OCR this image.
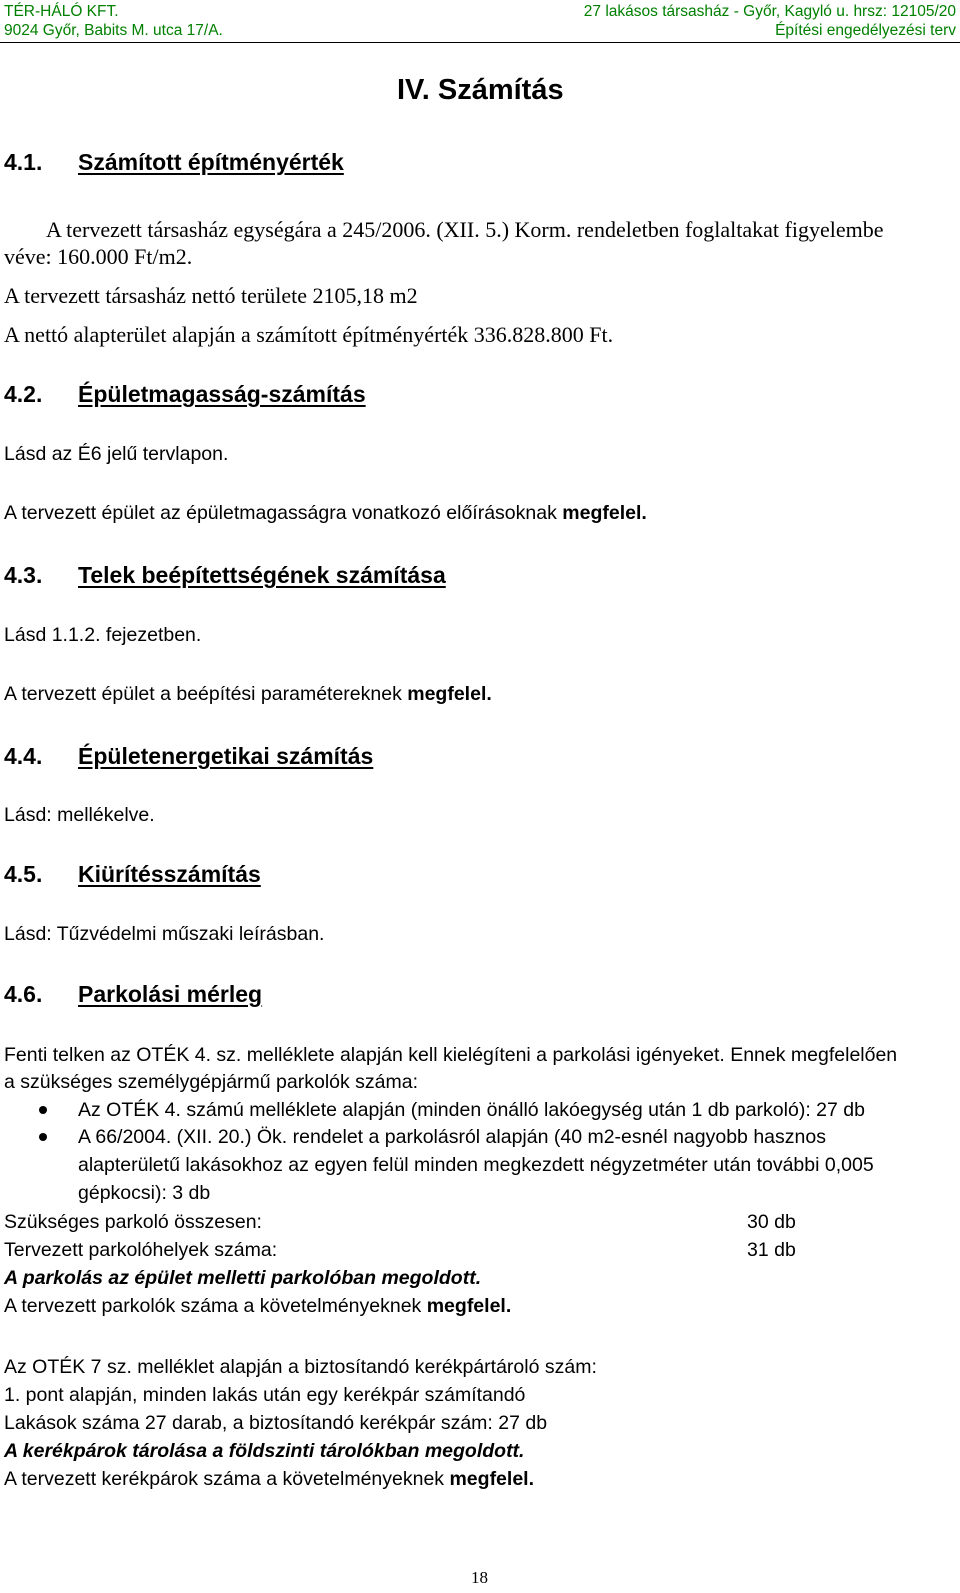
TÉR-HÁLÓ KFT.
9024 Győr, Babits M. utca 17/A.
27 lakásos társasház - Győr, Kagyló u. hrsz: 12105/20
Építési engedélyezési terv
IV. Számítás
4.1. Számított építményérték
A tervezett társasház egységára a 245/2006. (XII. 5.) Korm. rendeletben foglaltakat figyelembe
véve: 160.000 Ft/m2.
A tervezett társasház nettó területe 2105,18 m2
A nettó alapterület alapján a számított építményérték 336.828.800 Ft.
4.2. Épületmagasság-számítás
Lásd az É6 jelű tervlapon.
A tervezett épület az épületmagasságra vonatkozó előírásoknak megfelel.
4.3. Telek beépítettségének számítása
Lásd 1.1.2. fejezetben.
A tervezett épület a beépítési paramétereknek megfelel.
4.4. Épületenergetikai számítás
Lásd: mellékelve.
4.5. Kiürítésszámítás
Lásd: Tűzvédelmi műszaki leírásban.
4.6. Parkolási mérleg
Fenti telken az OTÉK 4. sz. melléklete alapján kell kielégíteni a parkolási igényeket. Ennek megfelelően
a szükséges személygépjármű parkolók száma:
Az OTÉK 4. számú melléklete alapján (minden önálló lakóegység után 1 db parkoló): 27 db
A 66/2004. (XII. 20.) Ök. rendelet a parkolásról alapján (40 m2-esnél nagyobb hasznos
alapterületű lakásokhoz az egyen felül minden megkezdett négyzetméter után további 0,005
gépkocsi): 3 db
Szükséges parkoló összesen:	30 db
Tervezett parkolóhelyek száma:	31 db
A parkolás az épület melletti parkolóban megoldott.
A tervezett parkolók száma a követelményeknek megfelel.
Az OTÉK 7 sz. melléklet alapján a biztosítandó kerékpártároló szám:
1. pont alapján, minden lakás után egy kerékpár számítandó
Lakások száma 27 darab, a biztosítandó kerékpár szám: 27 db
A kerékpárok tárolása a földszinti tárolókban megoldott.
A tervezett kerékpárok száma a követelményeknek megfelel.
18
